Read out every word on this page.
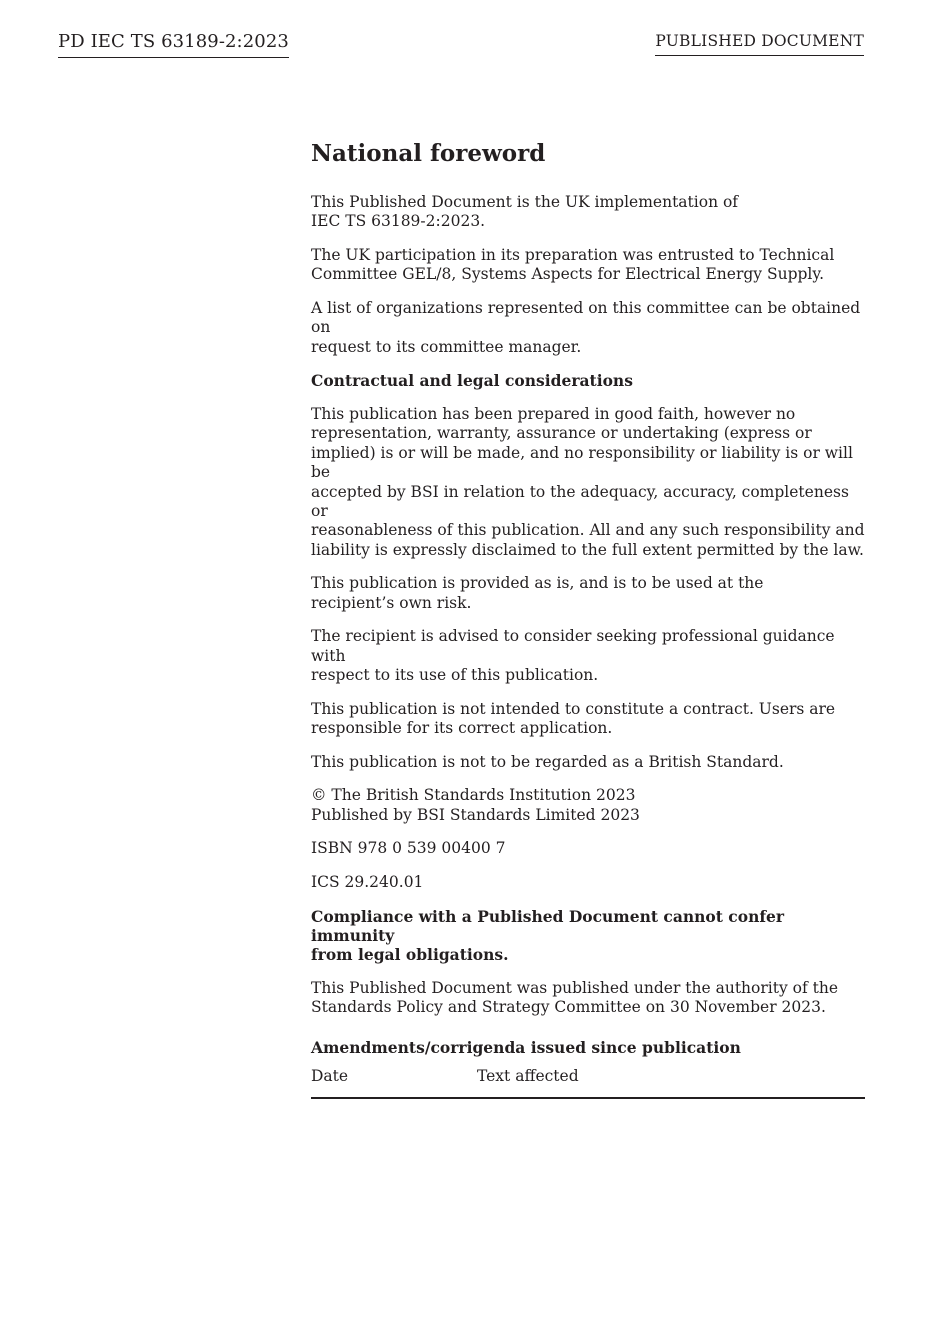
PD IEC TS 63189-2:2023	PUBLISHED DOCUMENT
National foreword

This Published Document is the UK implementation of
IEC TS 63189-2:2023.

The UK participation in its preparation was entrusted to Technical
Committee GEL/8, Systems Aspects for Electrical Energy Supply.

A list of organizations represented on this committee can be obtained on
request to its committee manager.

Contractual and legal considerations

This publication has been prepared in good faith, however no
representation, warranty, assurance or undertaking (express or
implied) is or will be made, and no responsibility or liability is or will be
accepted by BSI in relation to the adequacy, accuracy, completeness or
reasonableness of this publication. All and any such responsibility and
liability is expressly disclaimed to the full extent permitted by the law.

This publication is provided as is, and is to be used at the
recipient’s own risk.

The recipient is advised to consider seeking professional guidance with
respect to its use of this publication.

This publication is not intended to constitute a contract. Users are
responsible for its correct application.

This publication is not to be regarded as a British Standard.

© The British Standards Institution 2023
Published by BSI Standards Limited 2023

ISBN 978 0 539 00400 7

ICS 29.240.01

Compliance with a Published Document cannot confer immunity
from legal obligations.

This Published Document was published under the authority of the
Standards Policy and Strategy Committee on 30 November 2023.

Amendments/corrigenda issued since publication
Date	Text affected
